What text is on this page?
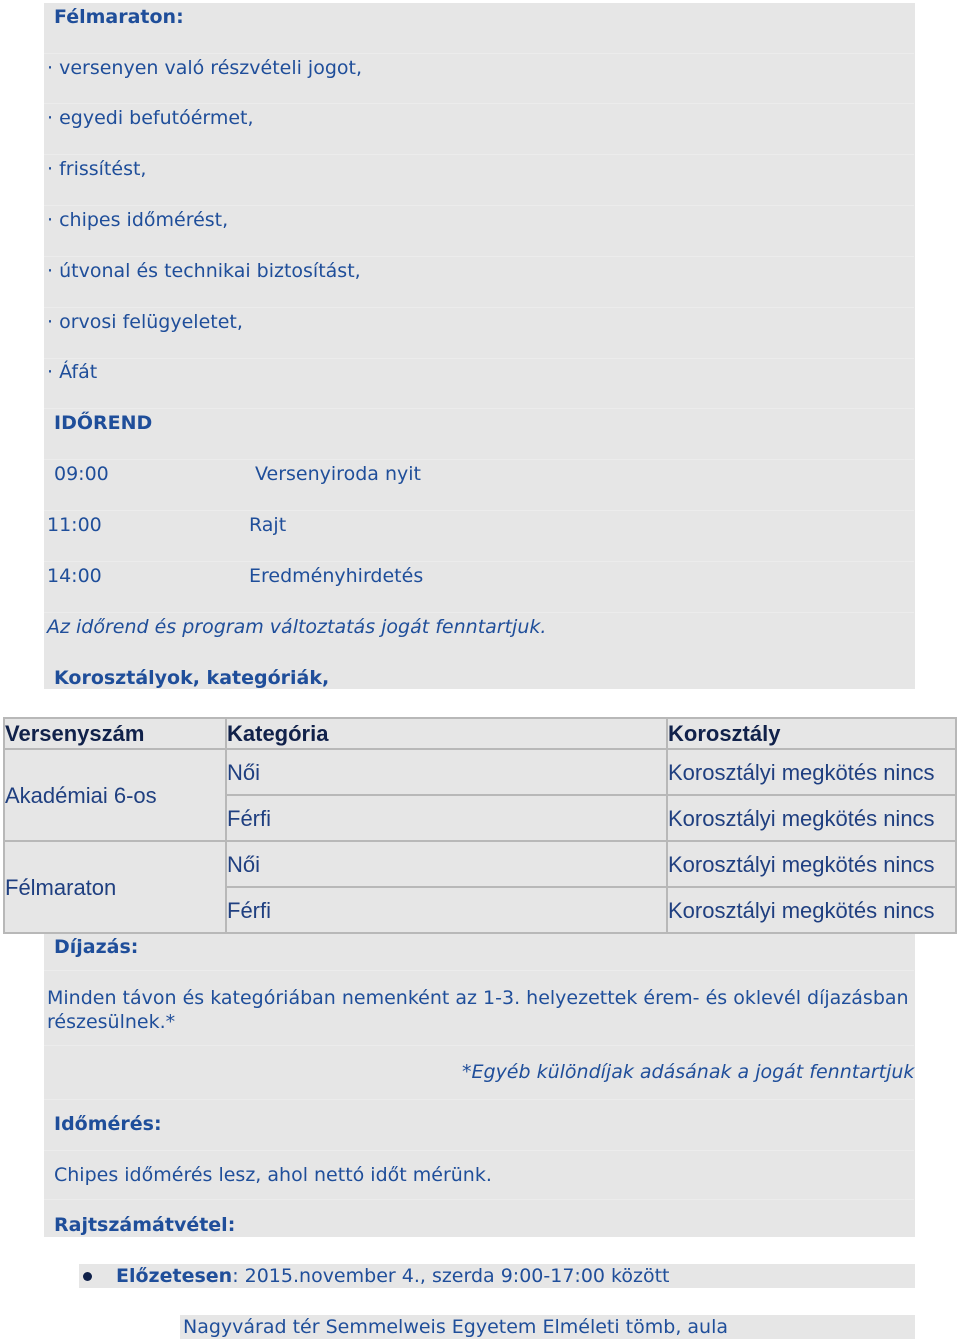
Félmaraton:
· versenyen való részvételi jogot,
· egyedi befutóérmet,
· frissítést,
· chipes időmérést,
· útvonal és technikai biztosítást,
· orvosi felügyeletet,
· Áfát
IDŐREND
09:00	Versenyiroda nyit
11:00	Rajt
14:00	Eredményhirdetés
Az időrend és program változtatás jogát fenntartjuk.
Korosztályok, kategóriák,
Versenyszám	Kategória	Korosztály
Akadémiai 6-os
Női	Korosztályi megkötés nincs
Férfi	Korosztályi megkötés nincs
Félmaraton
Női	Korosztályi megkötés nincs
Férfi	Korosztályi megkötés nincs
Díjazás:
Minden távon és kategóriában nemenként az 1-3. helyezettek érem- és oklevél díjazásban
részesülnek.*
*Egyéb különdíjak adásának a jogát fenntartjuk
Időmérés:
Chipes időmérés lesz, ahol nettó időt mérünk.
Rajtszámátvétel:
Előzetesen: 2015.november 4., szerda 9:00-17:00 között
Nagyvárad tér Semmelweis Egyetem Elméleti tömb, aula
